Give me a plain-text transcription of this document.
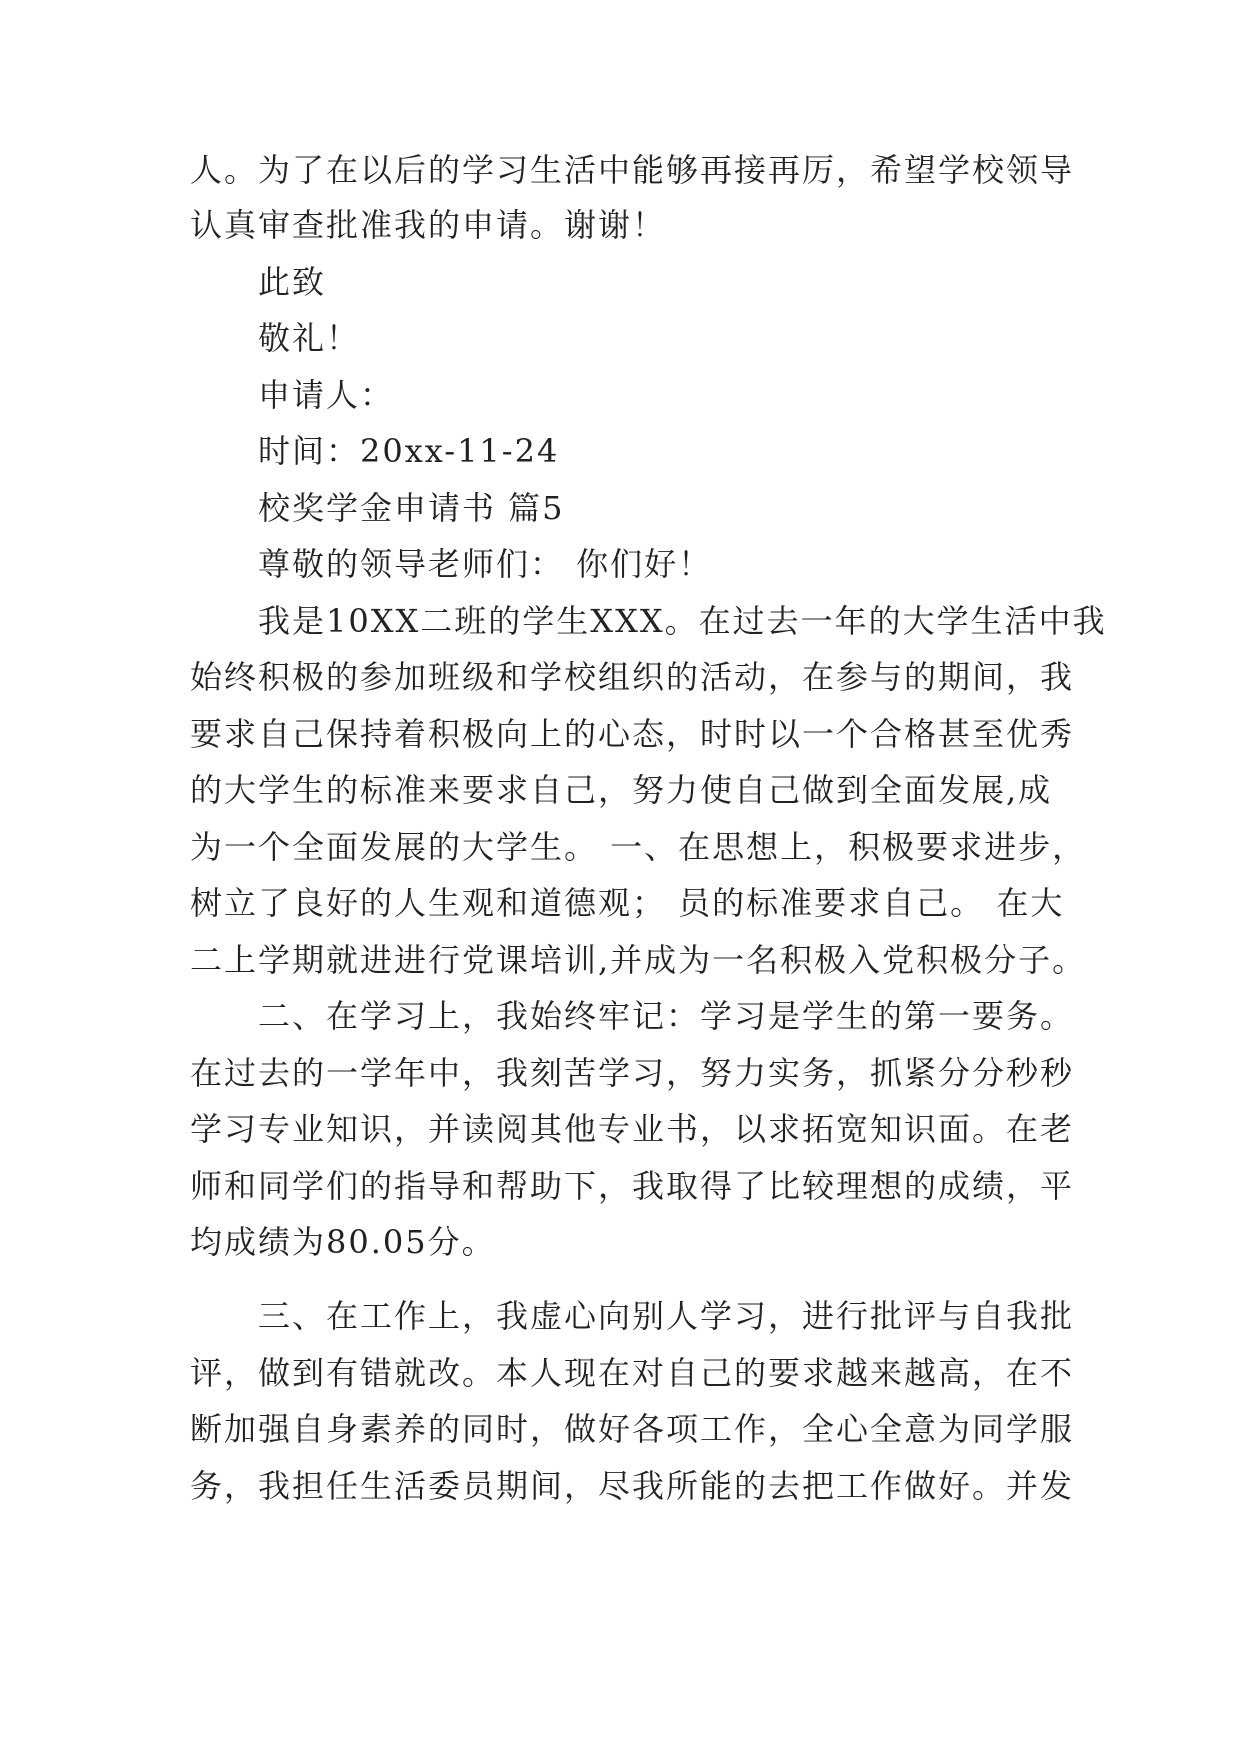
人。为了在以后的学习生活中能够再接再厉，希望学校领导
认真审查批准我的申请。谢谢！
此致
敬礼！
申请人：
时间：20xx-11-24
校奖学金申请书 篇5
尊敬的领导老师们： 你们好！
我是10XX二班的学生XXX。在过去一年的大学生活中我
始终积极的参加班级和学校组织的活动，在参与的期间，我
要求自己保持着积极向上的心态，时时以一个合格甚至优秀
的大学生的标准来要求自己，努力使自己做到全面发展,成
为一个全面发展的大学生。 一、在思想上，积极要求进步，
树立了良好的人生观和道德观； 员的标准要求自己。 在大
二上学期就进进行党课培训,并成为一名积极入党积极分子。
二、在学习上，我始终牢记：学习是学生的第一要务。
在过去的一学年中，我刻苦学习，努力实务，抓紧分分秒秒
学习专业知识，并读阅其他专业书，以求拓宽知识面。在老
师和同学们的指导和帮助下，我取得了比较理想的成绩，平
均成绩为80.05分。
三、在工作上，我虚心向别人学习，进行批评与自我批
评，做到有错就改。本人现在对自己的要求越来越高，在不
断加强自身素养的同时，做好各项工作，全心全意为同学服
务，我担任生活委员期间，尽我所能的去把工作做好。并发
